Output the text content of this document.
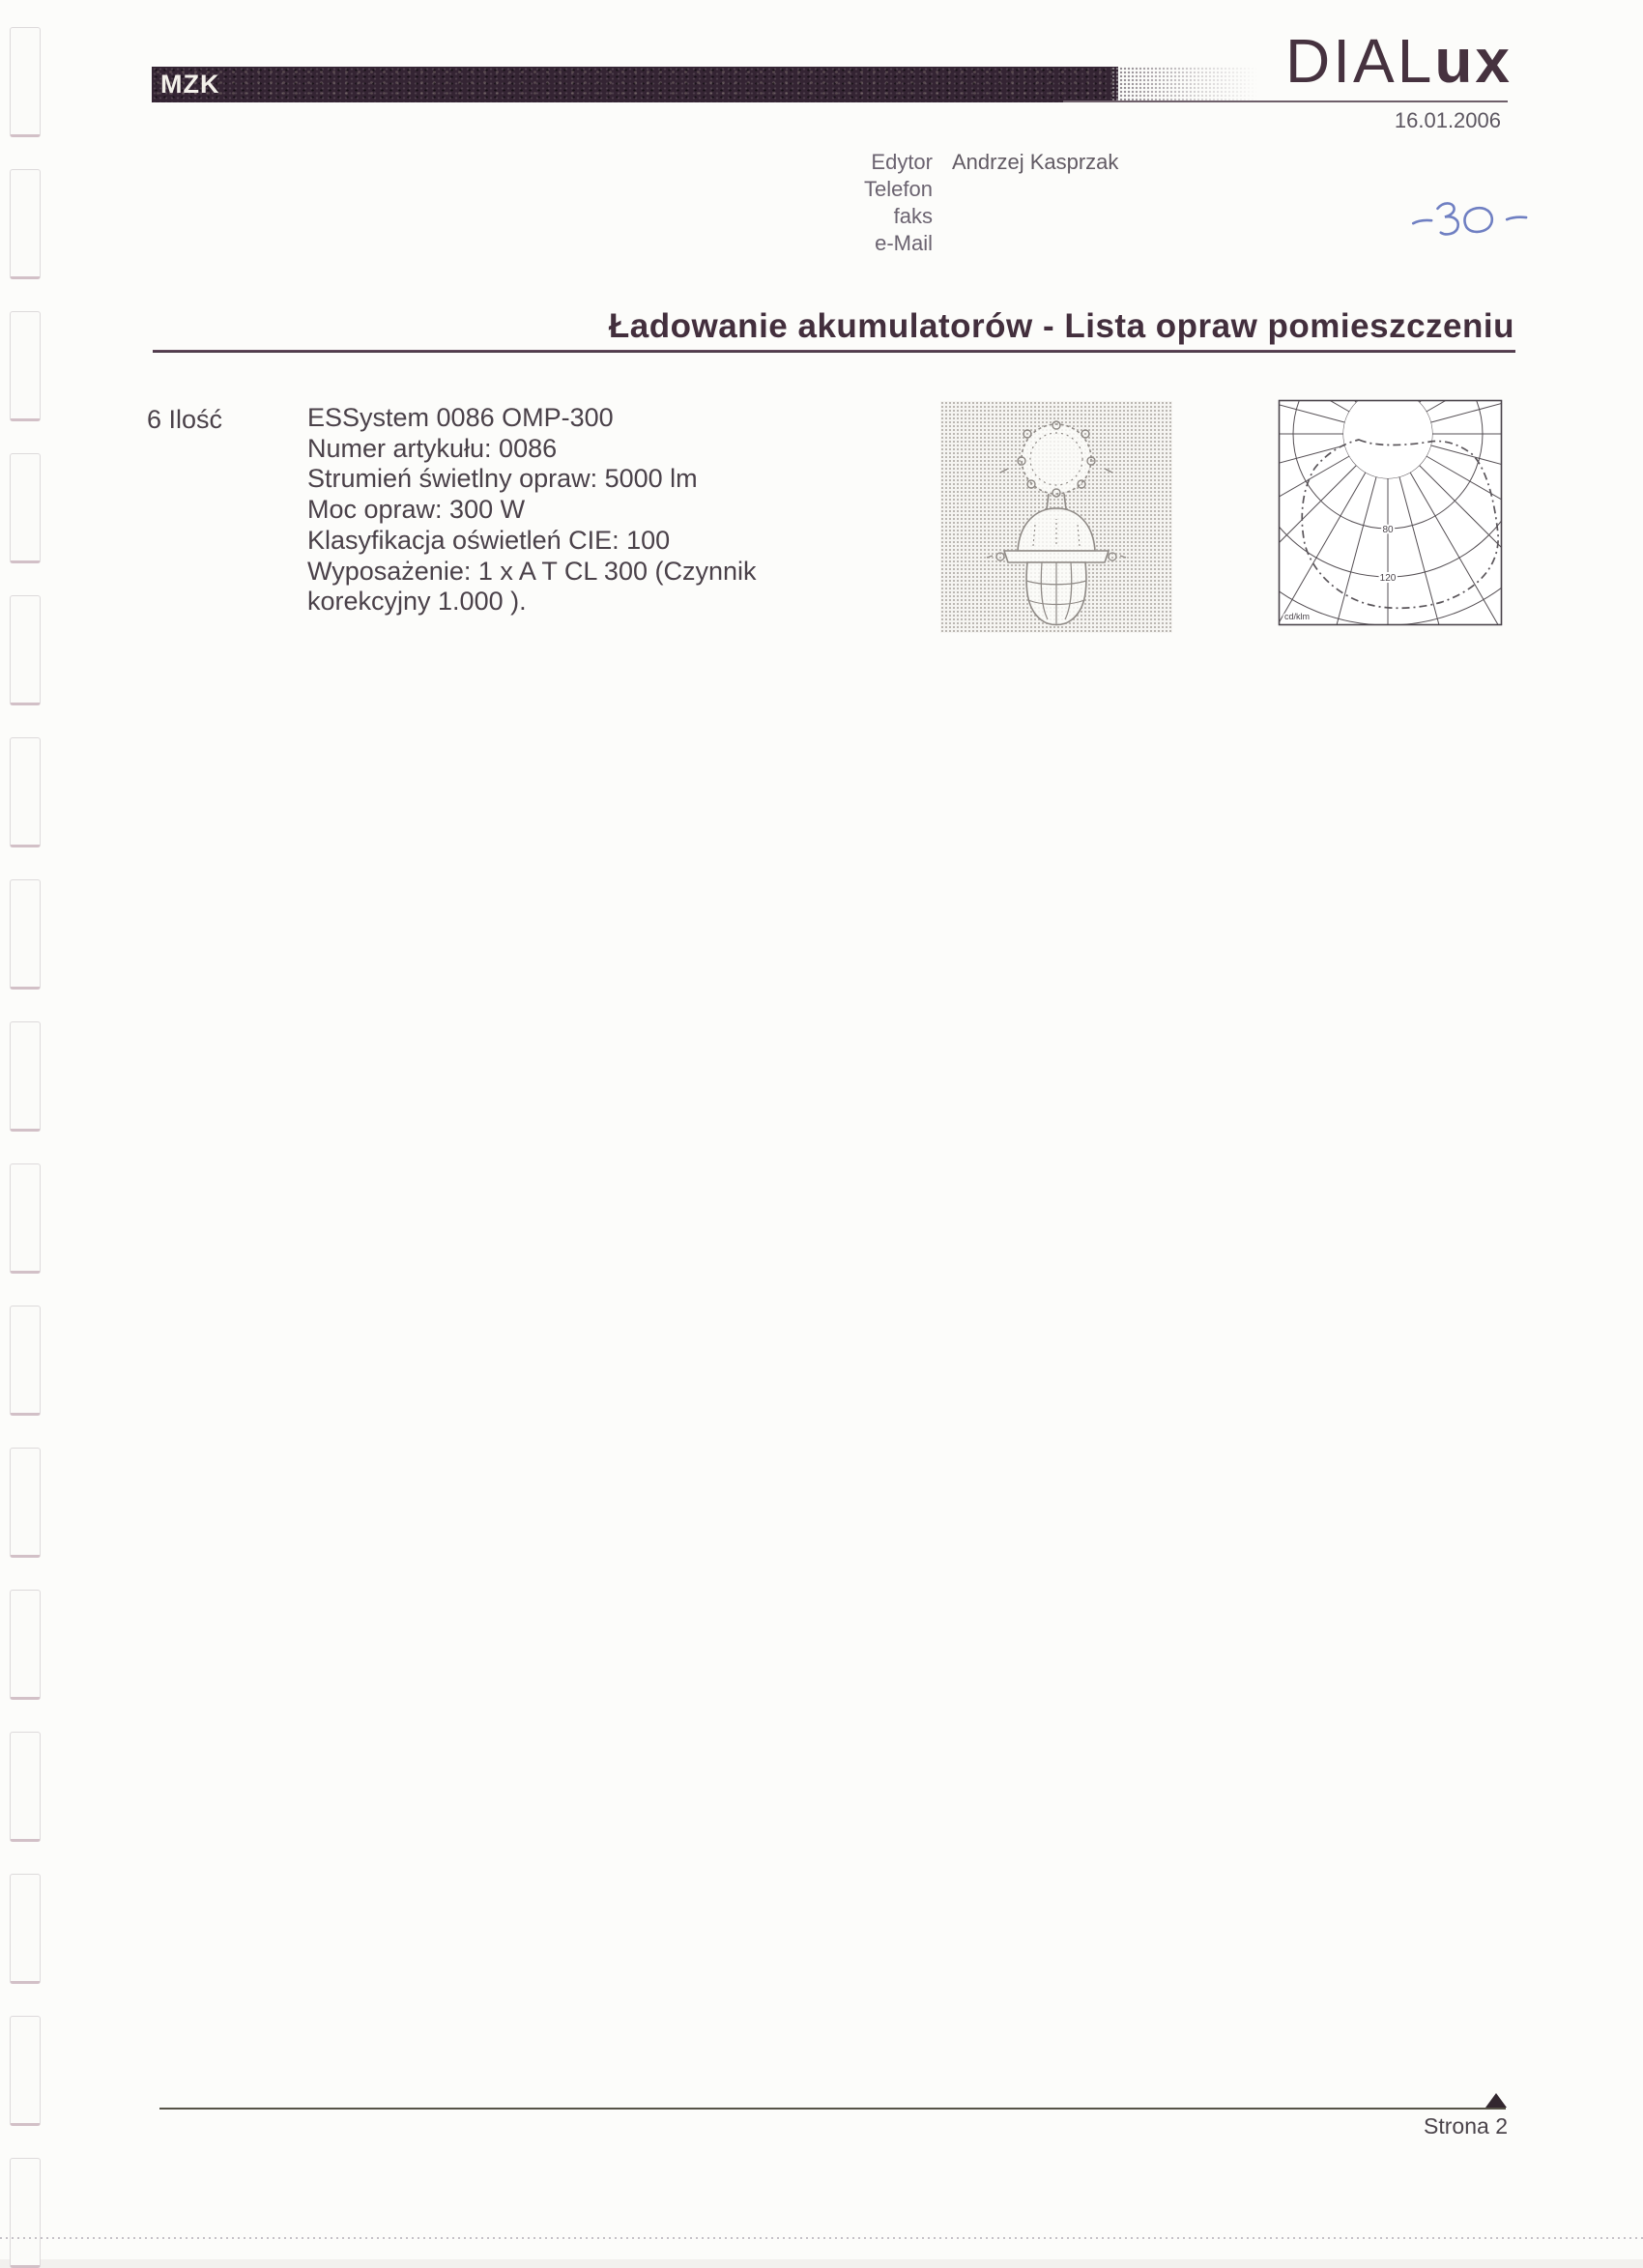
MZK	DIALux
16.01.2006
Edytor Andrzej Kasprzak
Telefon
faks
e-Mail
Ładowanie akumulatorów - Lista opraw pomieszczeniu
6 Ilość	ESSystem 0086 OMP-300
Numer artykułu: 0086
Strumień świetlny opraw: 5000 lm
Moc opraw: 300 W
Klasyfikacja oświetleń CIE: 100
Wyposażenie: 1 x A T CL 300 (Czynnik
korekcyjny 1.000 ).
80
120
cd/klm
Strona 2
